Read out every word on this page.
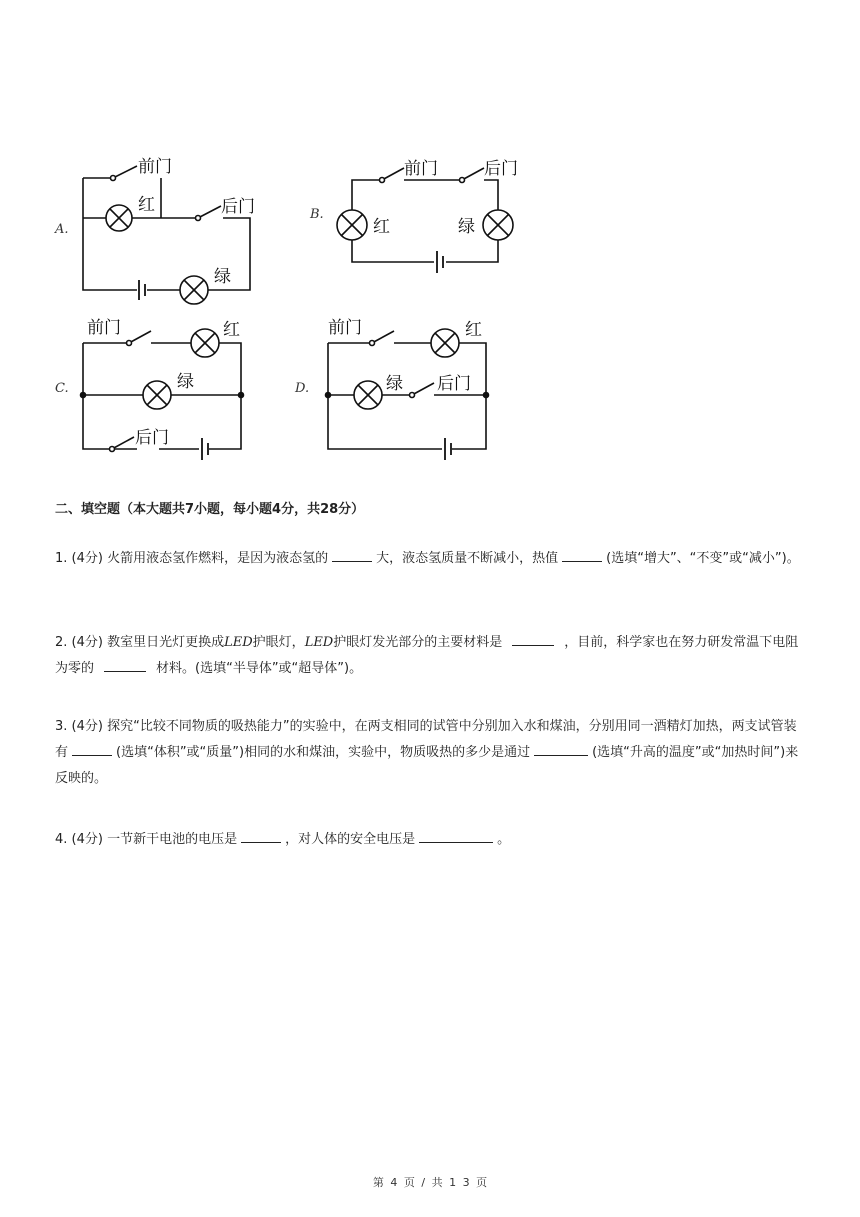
A.
前门
红	后门
绿
B.
前门	后门
红	绿
C.
前门	红
绿
后门
D.
前门	红
绿 后门
二、填空题（本大题共7小题，每小题4分，共28分）
1. (4分) 火箭用液态氢作燃料，是因为液态氢的	大，液态氢质量不断减小，热值	(选填“增大”、“不变”或“减小”)。
2. (4分) 教室里日光灯更换成LED护眼灯，LED护眼灯发光部分的主要材料是	，目前，科学家也在努力研发常温下电阻为零的	材料。(选填“半导体”或“超导体”)。
3. (4分) 探究“比较不同物质的吸热能力”的实验中，在两支相同的试管中分别加入水和煤油，分别用同一酒精灯加热，两支试管装有	(选填“体积”或“质量”)相同的水和煤油，实验中，物质吸热的多少是通过	(选填“升高的温度”或“加热时间”)来反映的。
4. (4分) 一节新干电池的电压是	，对人体的安全电压是	。
第 4 页 / 共 1 3 页
